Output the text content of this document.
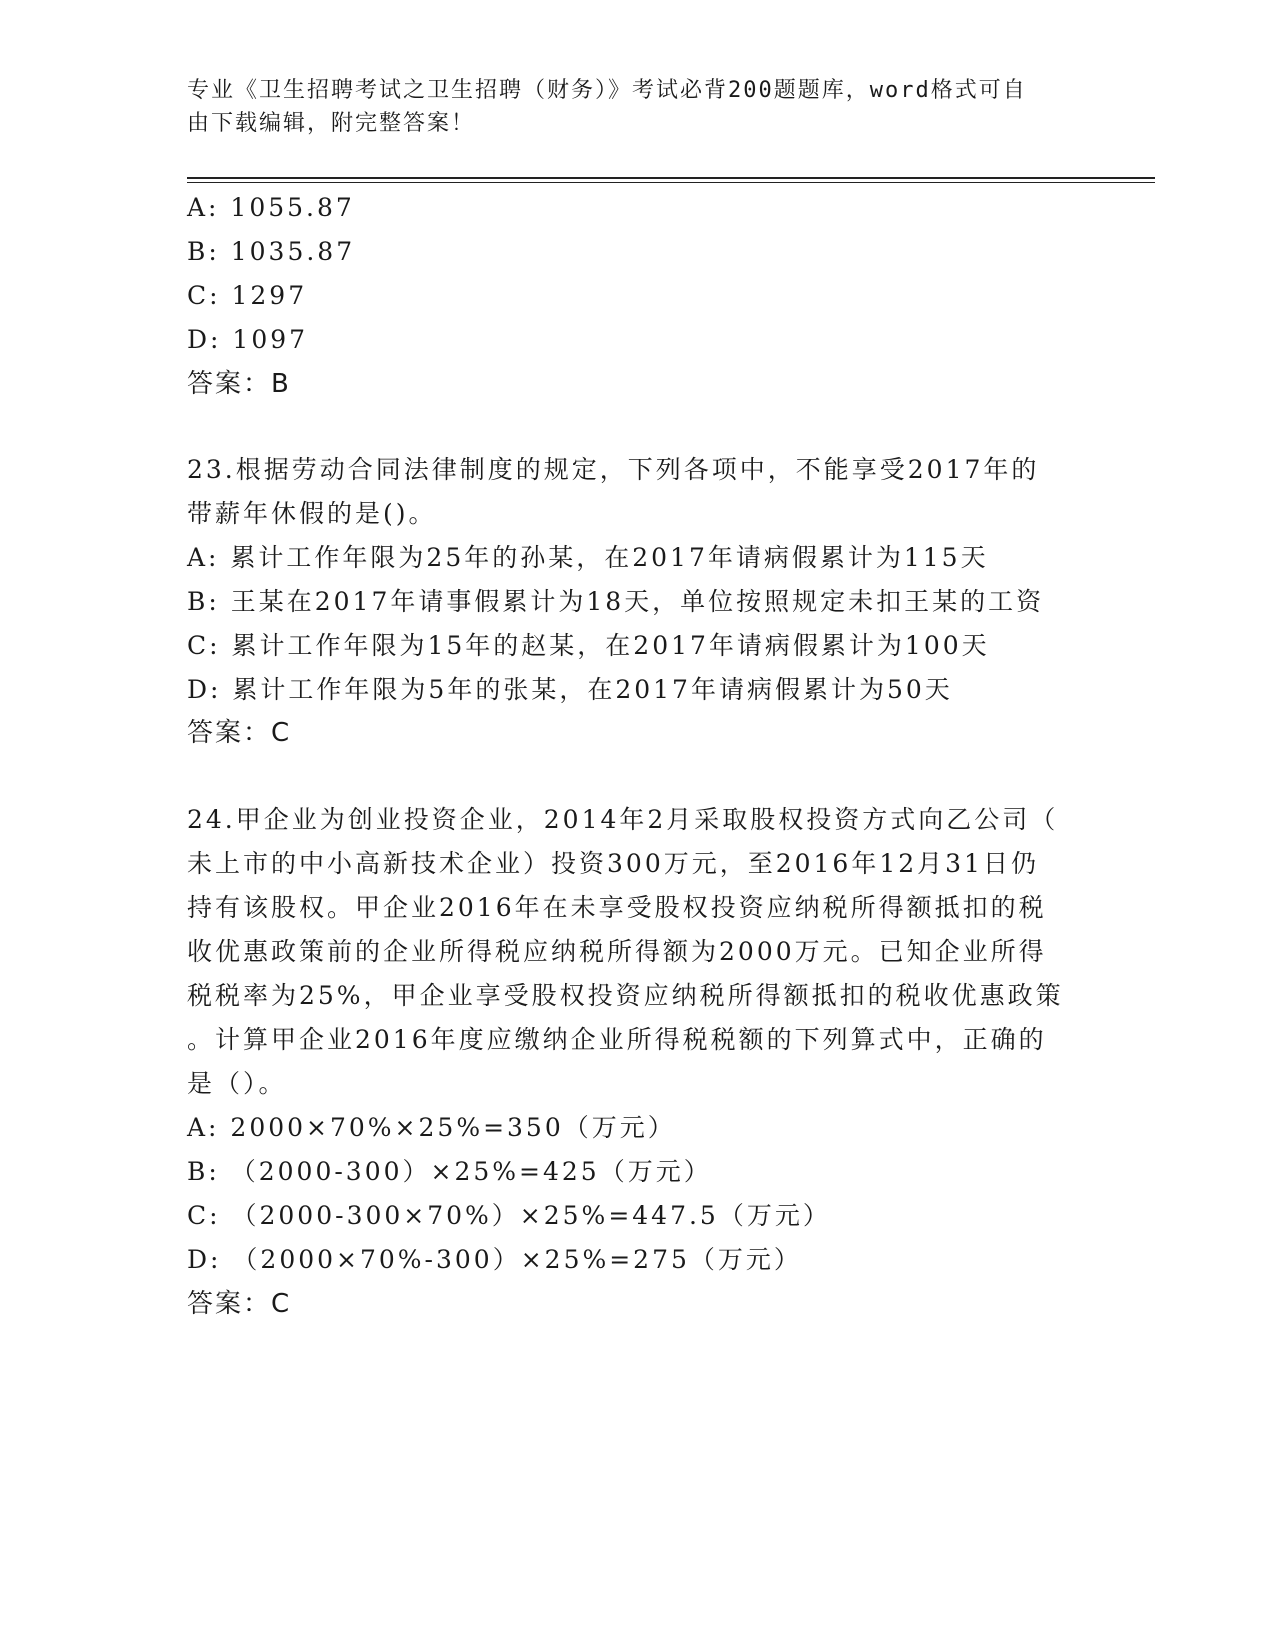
专业《卫生招聘考试之卫生招聘（财务）》考试必背200题题库，word格式可自
由下载编辑，附完整答案！
A: 1055.87
B: 1035.87
C: 1297
D: 1097
答案：B
23.根据劳动合同法律制度的规定，下列各项中，不能享受2017年的
带薪年休假的是()。
A: 累计工作年限为25年的孙某，在2017年请病假累计为115天
B: 王某在2017年请事假累计为18天，单位按照规定未扣王某的工资
C: 累计工作年限为15年的赵某，在2017年请病假累计为100天
D: 累计工作年限为5年的张某，在2017年请病假累计为50天
答案：C
24.甲企业为创业投资企业，2014年2月采取股权投资方式向乙公司（
未上市的中小高新技术企业）投资300万元，至2016年12月31日仍
持有该股权。甲企业2016年在未享受股权投资应纳税所得额抵扣的税
收优惠政策前的企业所得税应纳税所得额为2000万元。已知企业所得
税税率为25%，甲企业享受股权投资应纳税所得额抵扣的税收优惠政策
。计算甲企业2016年度应缴纳企业所得税税额的下列算式中，正确的
是（）。
A: 2000×70%×25%=350（万元）
B: （2000-300）×25%=425（万元）
C: （2000-300×70%）×25%=447.5（万元）
D: （2000×70%-300）×25%=275（万元）
答案：C
